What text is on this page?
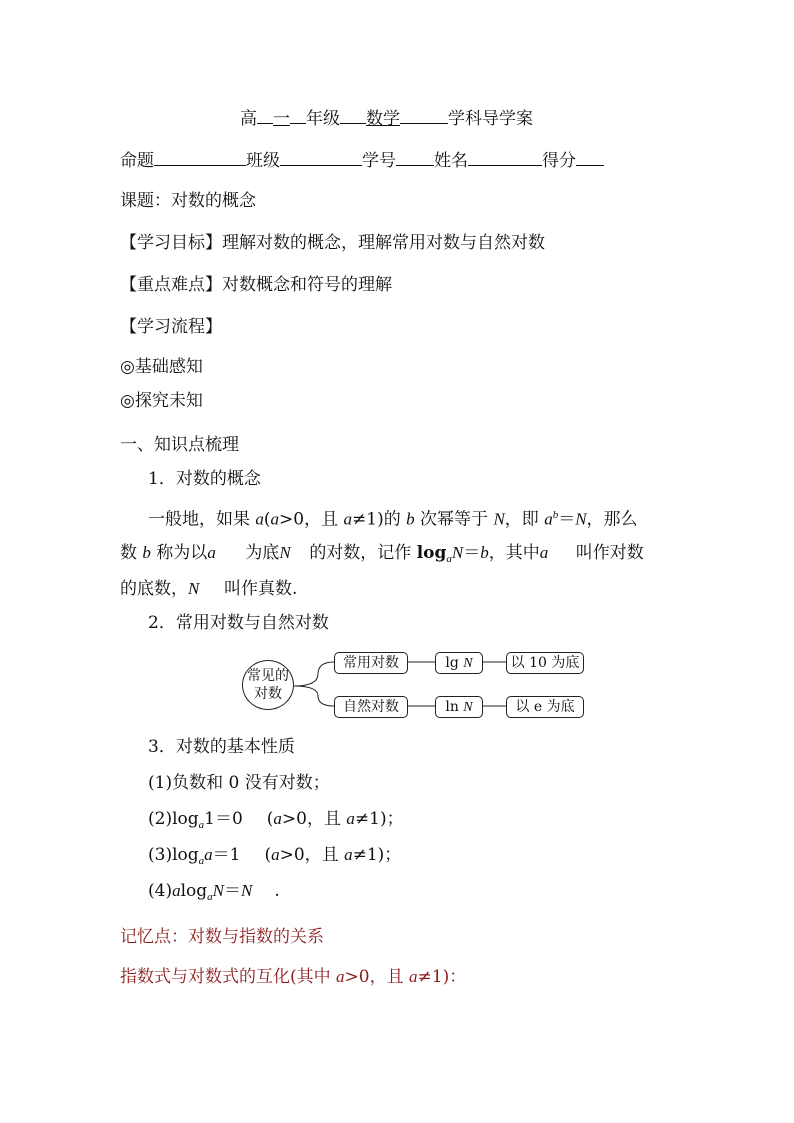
高 一 年级 数学	学科导学案
命题	班级	学号 姓名	得分
课题：对数的概念
【学习目标】理解对数的概念，理解常用对数与自然对数
【重点难点】对数概念和符号的理解
【学习流程】
◎基础感知
◎探究未知
一、知识点梳理
1．对数的概念
一般地，如果 a(a>0，且 a≠1)的 b 次幂等于 N，即 $a^b=N$，那么
数 b 称为以a 为底N 的对数，记作 $\log_aN=b$，其中a 叫作对数
的底数，N 叫作真数.
2．常用对数与自然对数
常见的
对数
常用对数	lg N	以 10 为底
自然对数	ln N	以 e 为底
3．对数的基本性质
(1)负数和 0 没有对数；
$(2)\log_a1=0$ (a>0，且 a≠1)；
$(3)\log_aa=1$ (a>0，且 a≠1)；
(4)alog$_a$N＝N .
记忆点：对数与指数的关系
指数式与对数式的互化(其中 a>0，且 a≠1)：
